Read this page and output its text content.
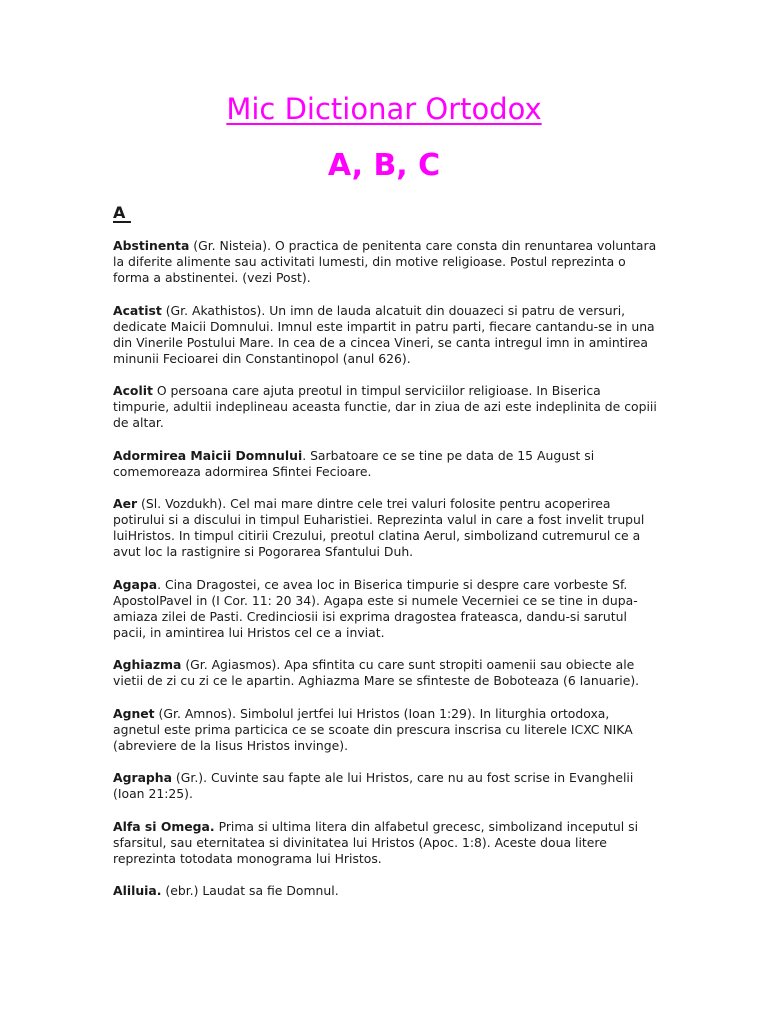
Mic Dictionar Ortodox
A, B, C
A

Abstinenta (Gr. Nisteia). O practica de penitenta care consta din renuntarea voluntara la diferite alimente sau activitati lumesti, din motive religioase. Postul reprezinta o forma a abstinentei. (vezi Post).

Acatist (Gr. Akathistos). Un imn de lauda alcatuit din douazeci si patru de versuri, dedicate Maicii Domnului. Imnul este impartit in patru parti, fiecare cantandu-se in una din Vinerile Postului Mare. In cea de a cincea Vineri, se canta intregul imn in amintirea minunii Fecioarei din Constantinopol (anul 626).

Acolit O persoana care ajuta preotul in timpul serviciilor religioase. In Biserica timpurie, adultii indeplineau aceasta functie, dar in ziua de azi este indeplinita de copiii de altar.

Adormirea Maicii Domnului. Sarbatoare ce se tine pe data de 15 August si comemoreaza adormirea Sfintei Fecioare.

Aer (Sl. Vozdukh). Cel mai mare dintre cele trei valuri folosite pentru acoperirea potirului si a discului in timpul Euharistiei. Reprezinta valul in care a fost invelit trupul luiHristos. In timpul citirii Crezului, preotul clatina Aerul, simbolizand cutremurul ce a avut loc la rastignire si Pogorarea Sfantului Duh.

Agapa. Cina Dragostei, ce avea loc in Biserica timpurie si despre care vorbeste Sf. ApostolPavel in (I Cor. 11: 20 34). Agapa este si numele Vecerniei ce se tine in dupa-amiaza zilei de Pasti. Credinciosii isi exprima dragostea frateasca, dandu-si sarutul pacii, in amintirea lui Hristos cel ce a inviat.

Aghiazma (Gr. Agiasmos). Apa sfintita cu care sunt stropiti oamenii sau obiecte ale vietii de zi cu zi ce le apartin. Aghiazma Mare se sfinteste de Boboteaza (6 Ianuarie).

Agnet (Gr. Amnos). Simbolul jertfei lui Hristos (Ioan 1:29). In liturghia ortodoxa, agnetul este prima particica ce se scoate din prescura inscrisa cu literele ICXC NIKA (abreviere de la Iisus Hristos invinge).

Agrapha (Gr.). Cuvinte sau fapte ale lui Hristos, care nu au fost scrise in Evanghelii (Ioan 21:25).

Alfa si Omega. Prima si ultima litera din alfabetul grecesc, simbolizand inceputul si sfarsitul, sau eternitatea si divinitatea lui Hristos (Apoc. 1:8). Aceste doua litere reprezinta totodata monograma lui Hristos.

Aliluia. (ebr.) Laudat sa fie Domnul.
